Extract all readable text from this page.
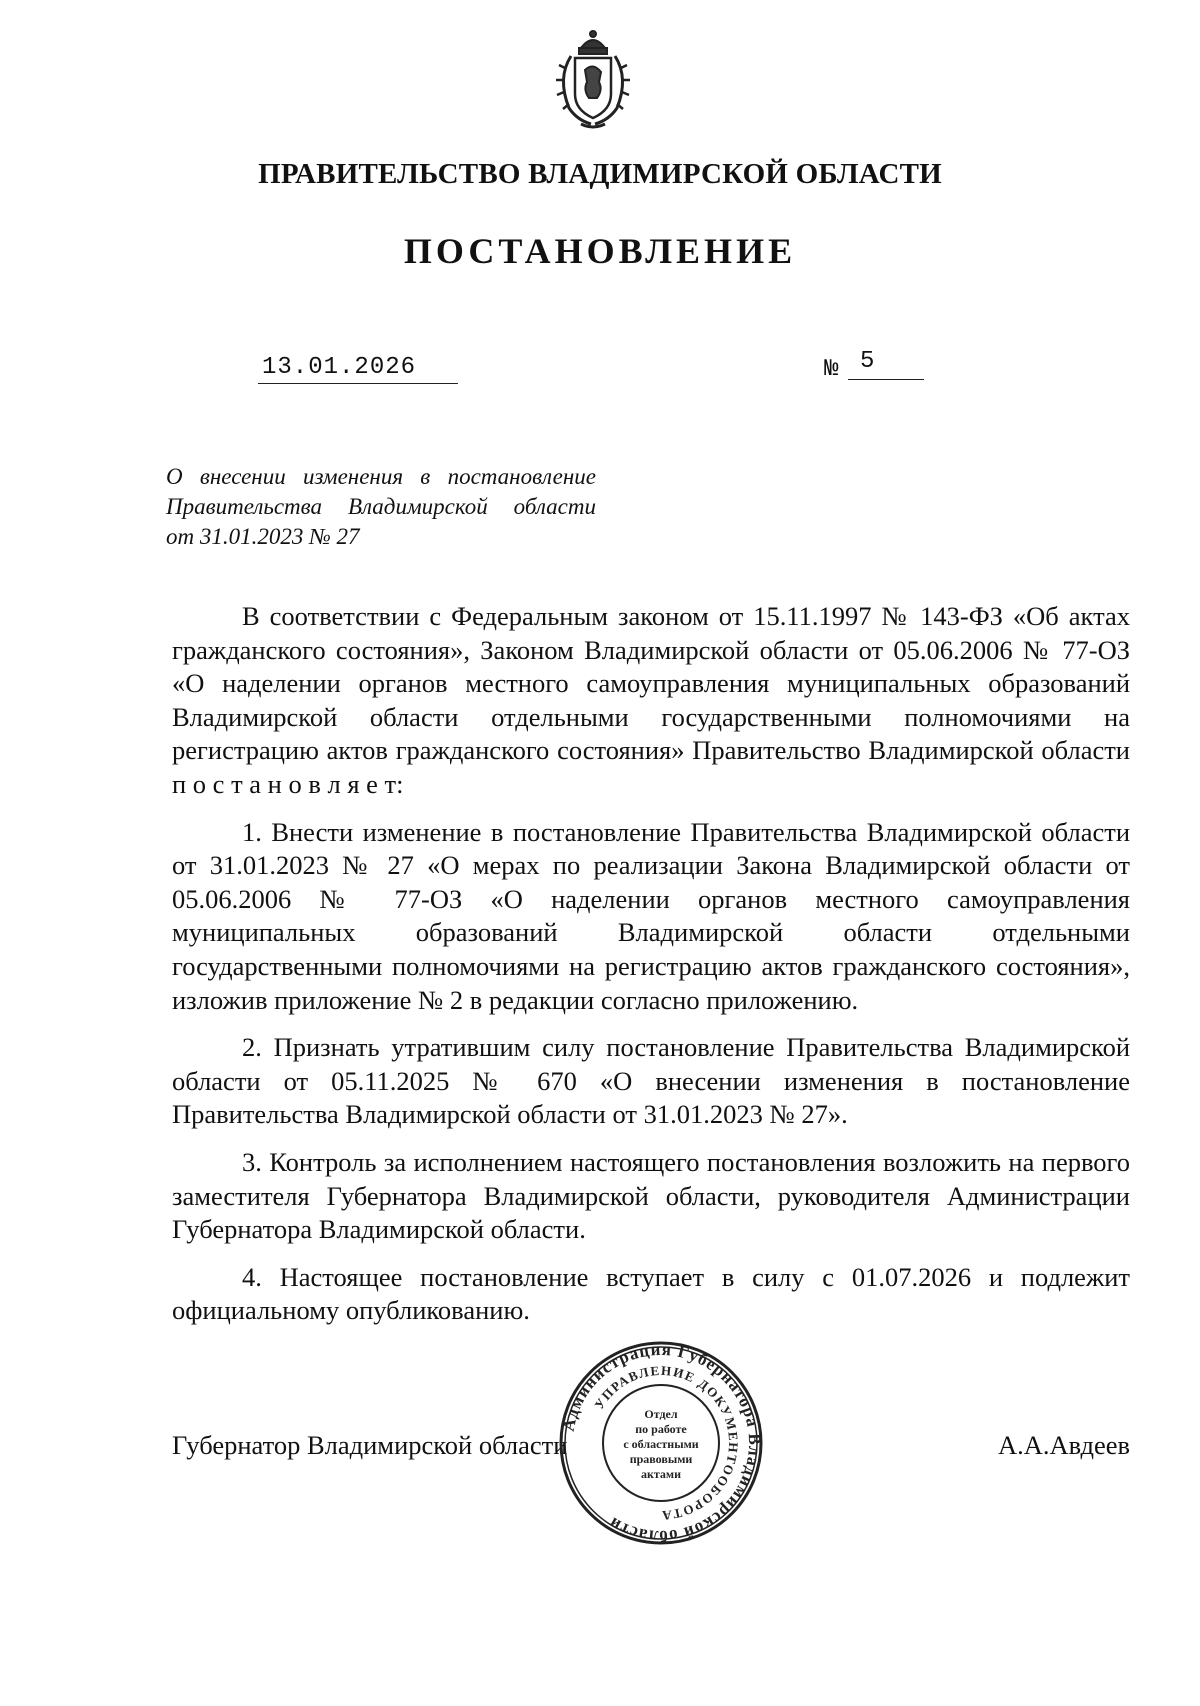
ПРАВИТЕЛЬСТВО ВЛАДИМИРСКОЙ ОБЛАСТИ
ПОСТАНОВЛЕНИЕ
13.01.2026	№ 5
О внесении изменения в постановление
Правительства Владимирской области
от 31.01.2023 № 27

В соответствии с Федеральным законом от 15.11.1997 № 143-ФЗ «Об актах гражданского состояния», Законом Владимирской области от 05.06.2006 № 77-ОЗ «О наделении органов местного самоуправления муниципальных образований Владимирской области отдельными государственными полномочиями на регистрацию актов гражданского состояния» Правительство Владимирской области п о с т а н о в л я е т:

1. Внести изменение в постановление Правительства Владимирской области от 31.01.2023 № 27 «О мерах по реализации Закона Владимирской области от 05.06.2006 № 77-ОЗ «О наделении органов местного самоуправления муниципальных образований Владимирской области отдельными государственными полномочиями на регистрацию актов гражданского состояния», изложив приложение № 2 в редакции согласно приложению.

2. Признать утратившим силу постановление Правительства Владимирской области от 05.11.2025 № 670 «О внесении изменения в постановление Правительства Владимирской области от 31.01.2023 № 27».

3. Контроль за исполнением настоящего постановления возложить на первого заместителя Губернатора Владимирской области, руководителя Администрации Губернатора Владимирской области.

4. Настоящее постановление вступает в силу с 01.07.2026 и подлежит официальному опубликованию.

Губернатор Владимирской области	А.А.Авдеев
Администрация Губернатора Владимирской области
УПРАВЛЕНИЕ ДОКУМЕНТООБОРОТА
Отдел
по работе
с областными
правовыми
актами
